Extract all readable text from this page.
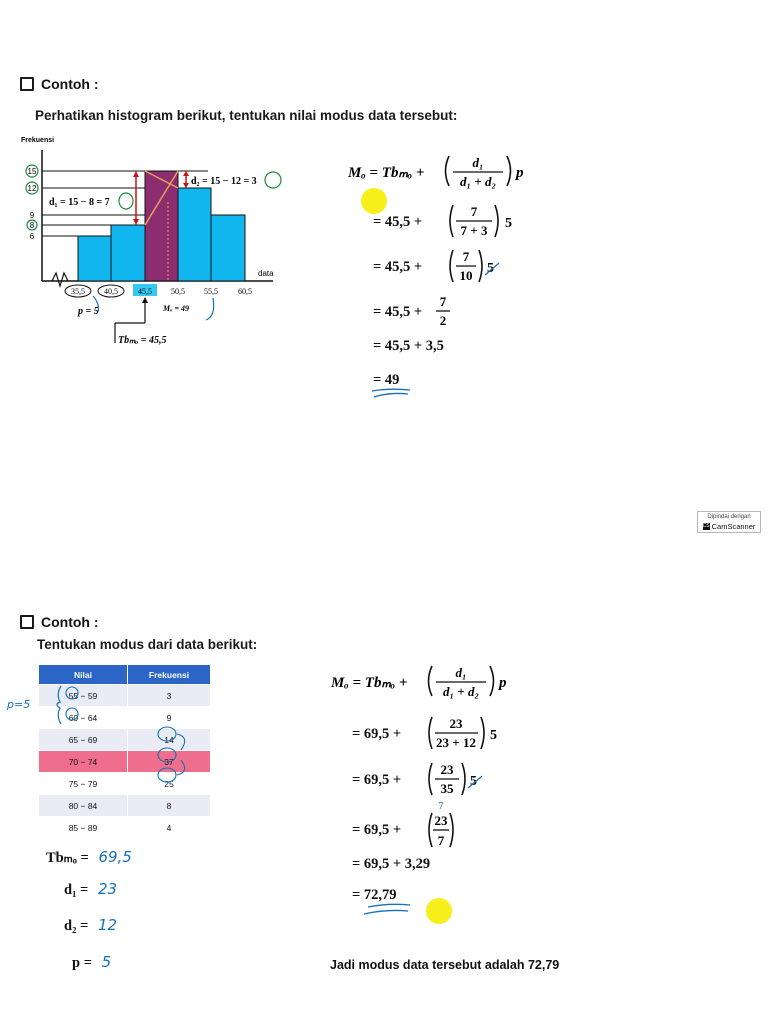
Contoh :
Perhatikan histogram berikut, tentukan nilai modus data tersebut:
Frekuensi
data
15
12
9
8
6
35,5 40,5	45,5 50,5 55,5	60,5
d₁ = 15 − 8 = 7
d₂ = 15 − 12 = 3
p = 5	Mₒ = 49
Tbₘₒ = 45,5
Mₒ = Tbₘₒ +
d₁
d₁ + d₂
p
= 45,5 +
7
7 + 3 5
= 45,5 +
7
10 5
= 45,5 +
7
2
= 45,5 + 3,5
= 49
Dipindai dengan
CS CamScanner
Contoh :
Tentukan modus dari data berikut:
Nilai	Frekuensi
55 − 59	3
60 − 64	9
65 − 69	14
70 − 74	37
75 − 79	25
80 − 84	8
85 − 89	4
p=5
Tbₘₒ = 69,5
d₁ = 23
d₂ = 12
p = 5
Mₒ = Tbₘₒ +
d₁
d₁ + d₂
p
= 69,5 +
23
23 + 12 5
= 69,5 +
23
35 5
= 69,5 +
7
23
7
= 69,5 + 3,29
= 72,79
Jadi modus data tersebut adalah 72,79
